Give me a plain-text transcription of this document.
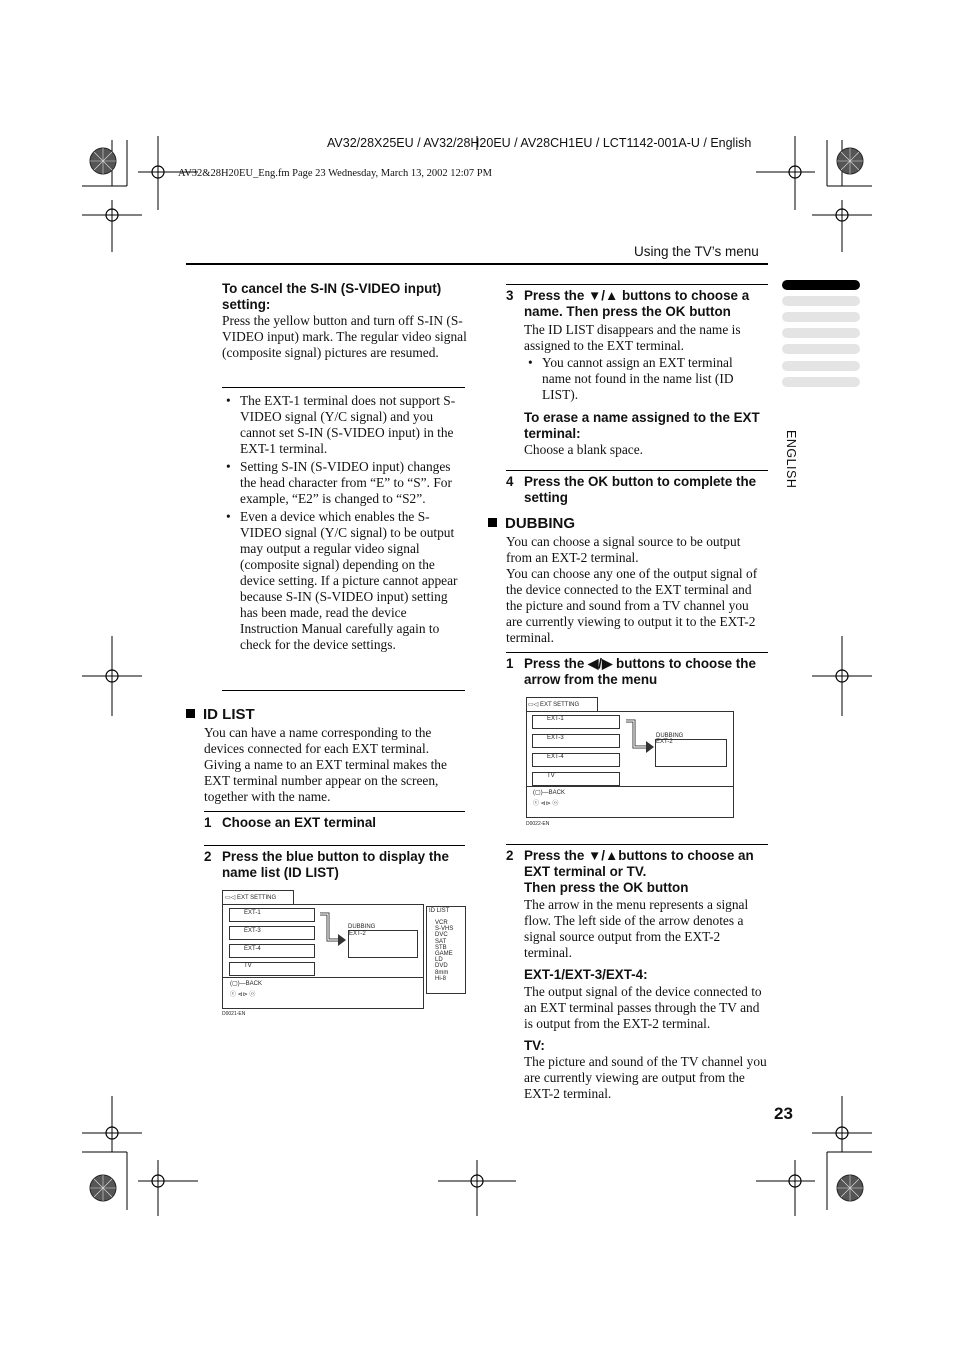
AV32/28X25EU / AV32/28H20EU / AV28CH1EU / LCT1142-001A-U / English
AV32&28H20EU_Eng.fm Page 23 Wednesday, March 13, 2002 12:07 PM
Using the TV’s menu
ENGLISH
To cancel the S-IN (S-VIDEO input) setting:
Press the yellow button and turn off S-IN (S-VIDEO input) mark. The regular video signal (composite signal) pictures are resumed.
• The EXT-1 terminal does not support S-VIDEO signal (Y/C signal) and you cannot set S-IN (S-VIDEO input) in the EXT-1 terminal.
• Setting S-IN (S-VIDEO input) changes the head character from “E” to “S”. For example, “E2” is changed to “S2”.
• Even a device which enables the S-VIDEO signal (Y/C signal) to be output may output a regular video signal (composite signal) depending on the device setting. If a picture cannot appear because S-IN (S-VIDEO input) setting has been made, read the device Instruction Manual carefully again to check for the device settings.
ID LIST
You can have a name corresponding to the devices connected for each EXT terminal. Giving a name to an EXT terminal makes the EXT terminal number appear on the screen, together with the name.
1 Choose an EXT terminal
2 Press the blue button to display the name list (ID LIST)
▭◁ EXT SETTING
EXT-1
EXT-3
EXT-4
TV
DUBBING
EXT-2
(▢)—BACK
ⓥ ⊲⊳ ⓞ
ID LIST
VCR
S-VHS
DVC
SAT
STB
GAME
LD
DVD
8mm
Hi-8
D0021-EN
3 Press the ▼/▲ buttons to choose a name. Then press the OK button
The ID LIST disappears and the name is assigned to the EXT terminal.
• You cannot assign an EXT terminal name not found in the name list (ID LIST).
To erase a name assigned to the EXT terminal:
Choose a blank space.
4 Press the OK button to complete the setting
DUBBING
You can choose a signal source to be output from an EXT-2 terminal.
You can choose any one of the output signal of the device connected to the EXT terminal and the picture and sound from a TV channel you are currently viewing to output it to the EXT-2 terminal.
1 Press the ◀/▶ buttons to choose the arrow from the menu
▭◁ EXT SETTING
EXT-1
EXT-3
EXT-4
TV
DUBBING
EXT-2
(▢)—BACK
ⓥ ⊲⊳ ⓞ
D0022-EN
2 Press the ▼/▲buttons to choose an EXT terminal or TV.
Then press the OK button
The arrow in the menu represents a signal flow. The left side of the arrow denotes a signal source output from the EXT-2 terminal.
EXT-1/EXT-3/EXT-4:
The output signal of the device connected to an EXT terminal passes through the TV and is output from the EXT-2 terminal.
TV:
The picture and sound of the TV channel you are currently viewing are output from the EXT-2 terminal.
23
